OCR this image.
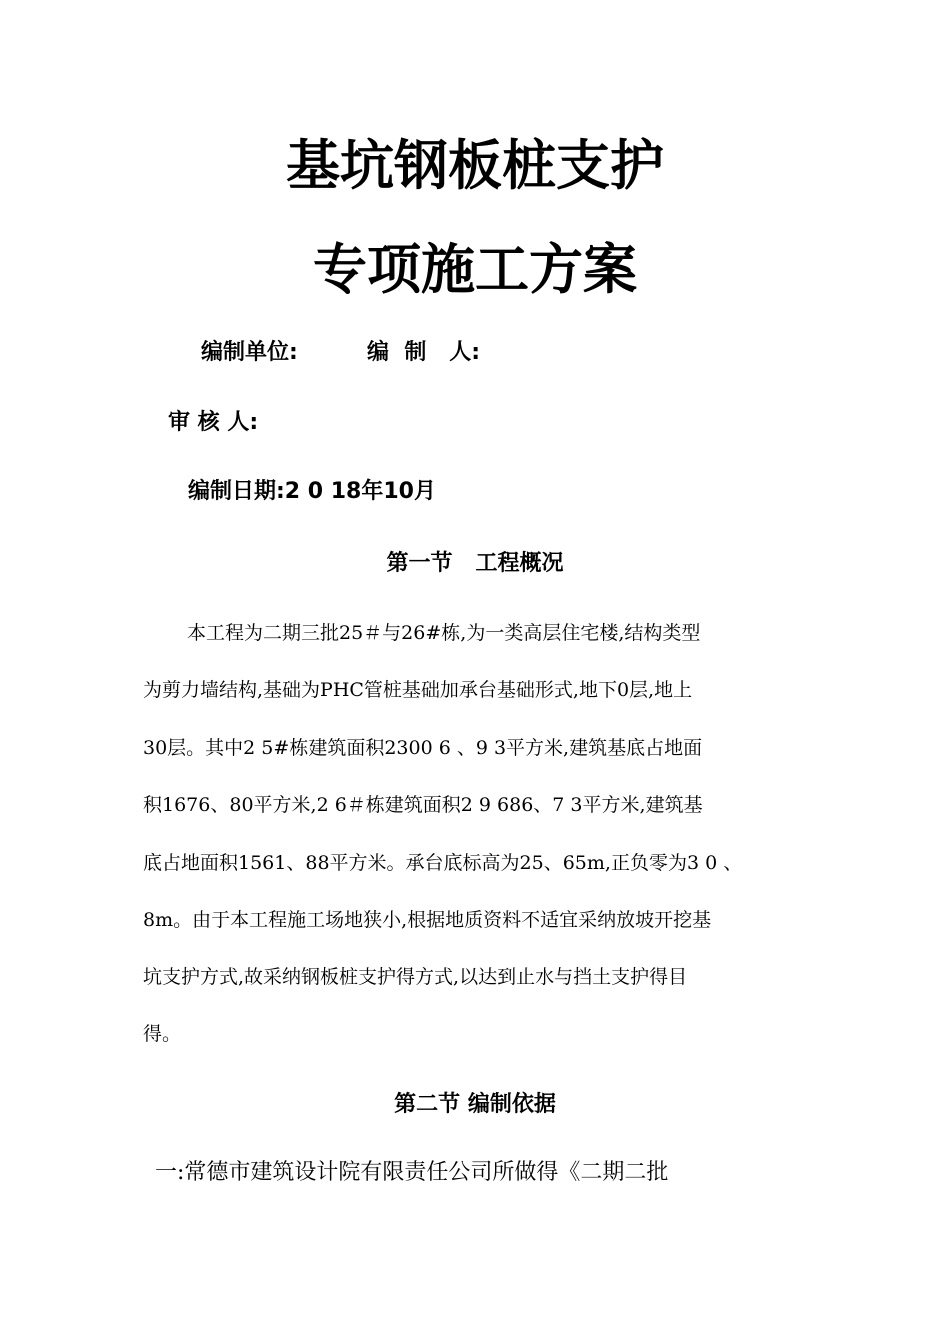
基坑钢板桩支护
专项施工方案
编制单位:	编  制   人:
审 核 人:
编制日期:2 0 18年10月
第一节   工程概况
本工程为二期三批25＃与26#栋,为一类高层住宅楼,结构类型
为剪力墙结构,基础为PHC管桩基础加承台基础形式,地下0层,地上
30层。其中2 5#栋建筑面积2300 6 、9 3平方米,建筑基底占地面
积1676、80平方米,2 6＃栋建筑面积2 9 686、7 3平方米,建筑基
底占地面积1561、88平方米。承台底标高为25、65m,正负零为3 0 、
8m。由于本工程施工场地狭小,根据地质资料不适宜采纳放坡开挖基
坑支护方式,故采纳钢板桩支护得方式,以达到止水与挡土支护得目
得。
第二节 编制依据
一:常德市建筑设计院有限责任公司所做得《二期二批
